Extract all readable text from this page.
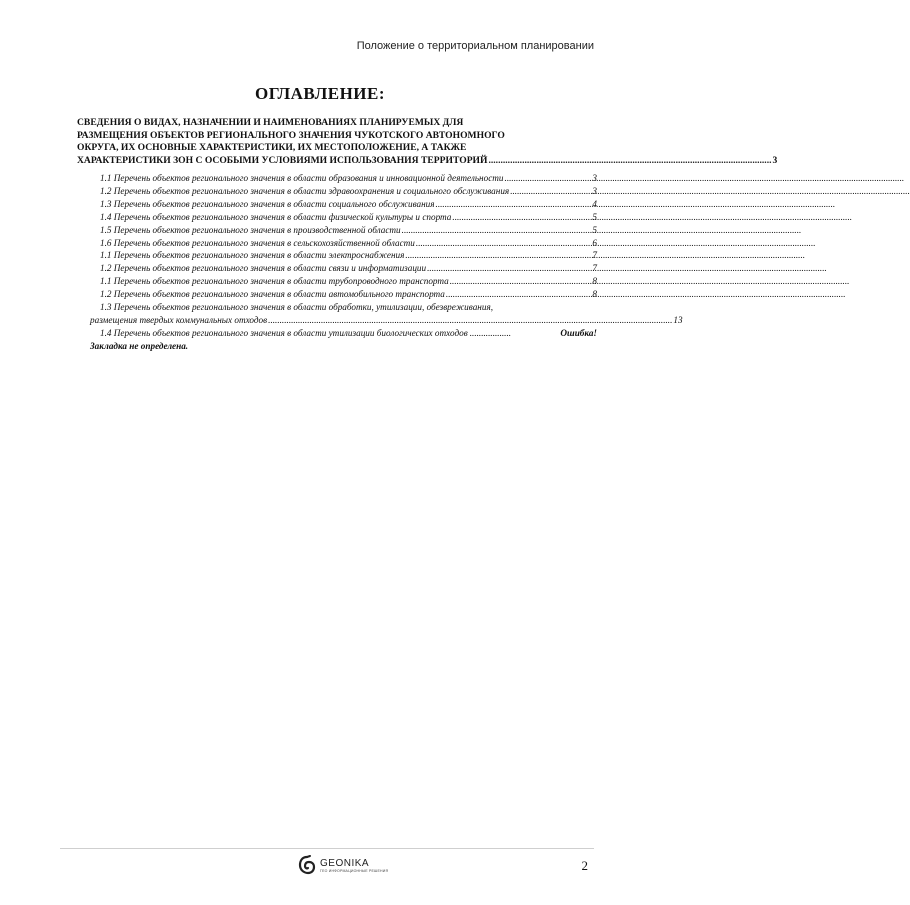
Положение о территориальном планировании
ОГЛАВЛЕНИЕ:
СВЕДЕНИЯ О ВИДАХ, НАЗНАЧЕНИИ И НАИМЕНОВАНИЯХ ПЛАНИРУЕМЫХ ДЛЯ
РАЗМЕЩЕНИЯ ОБЪЕКТОВ РЕГИОНАЛЬНОГО ЗНАЧЕНИЯ ЧУКОТСКОГО АВТОНОМНОГО
ОКРУГА, ИХ ОСНОВНЫЕ ХАРАКТЕРИСТИКИ, ИХ МЕСТОПОЛОЖЕНИЕ, А ТАКЖЕ
ХАРАКТЕРИСТИКИ ЗОН С ОСОБЫМИ УСЛОВИЯМИ ИСПОЛЬЗОВАНИЯ ТЕРРИТОРИЙ .....	3
1.1 Перечень объектов регионального значения в области образования и инновационной деятельности .....	3
1.2 Перечень объектов регионального значения в области здравоохранения и социального обслуживания .....	3
1.3 Перечень объектов регионального значения в области социального обслуживания .....	4
1.4 Перечень объектов регионального значения в области физической культуры и спорта .....	5
1.5 Перечень объектов регионального значения в производственной области .....	5
1.6 Перечень объектов регионального значения в сельскохозяйственной области .....	6
1.1 Перечень объектов регионального значения в области электроснабжения .....	7
1.2 Перечень объектов регионального значения в области связи и информатизации .....	7
1.1 Перечень объектов регионального значения в области трубопроводного транспорта .....	8
1.2 Перечень объектов регионального значения в области автомобильного транспорта .....	8
1.3 Перечень объектов регионального значения в области обработки, утилизации, обезвреживания,
размещения твердых коммунальных отходов .....	13
1.4 Перечень объектов регионального значения в области утилизации биологических отходов .....	Ошибка!
Закладка не определена.
GEONIKA
ГЕО ИНФОРМАЦИОННЫЕ РЕШЕНИЯ	2
